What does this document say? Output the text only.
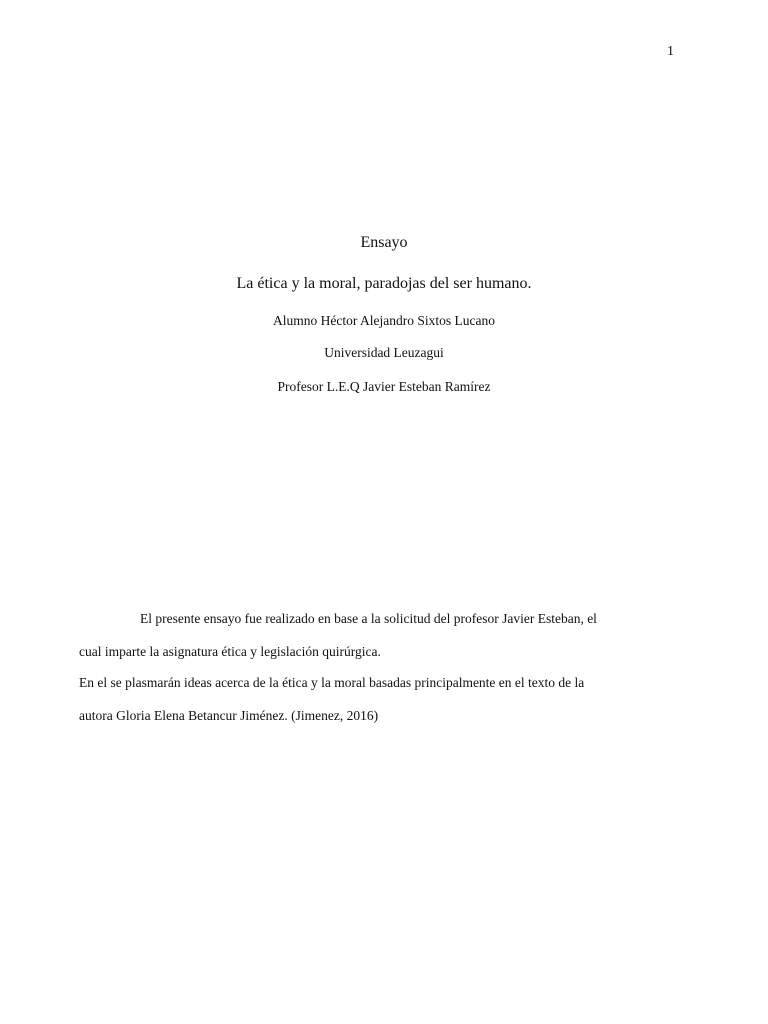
1
Ensayo
La ética y la moral, paradojas del ser humano.
Alumno Héctor Alejandro Sixtos Lucano
Universidad Leuzagui
Profesor L.E.Q Javier Esteban Ramírez
El presente ensayo fue realizado en base a la solicitud del profesor Javier Esteban, el
cual imparte la asignatura ética y legislación quirúrgica.
En el se plasmarán ideas acerca de la ética y la moral basadas principalmente en el texto de la
autora Gloria Elena Betancur Jiménez. (Jimenez, 2016)
